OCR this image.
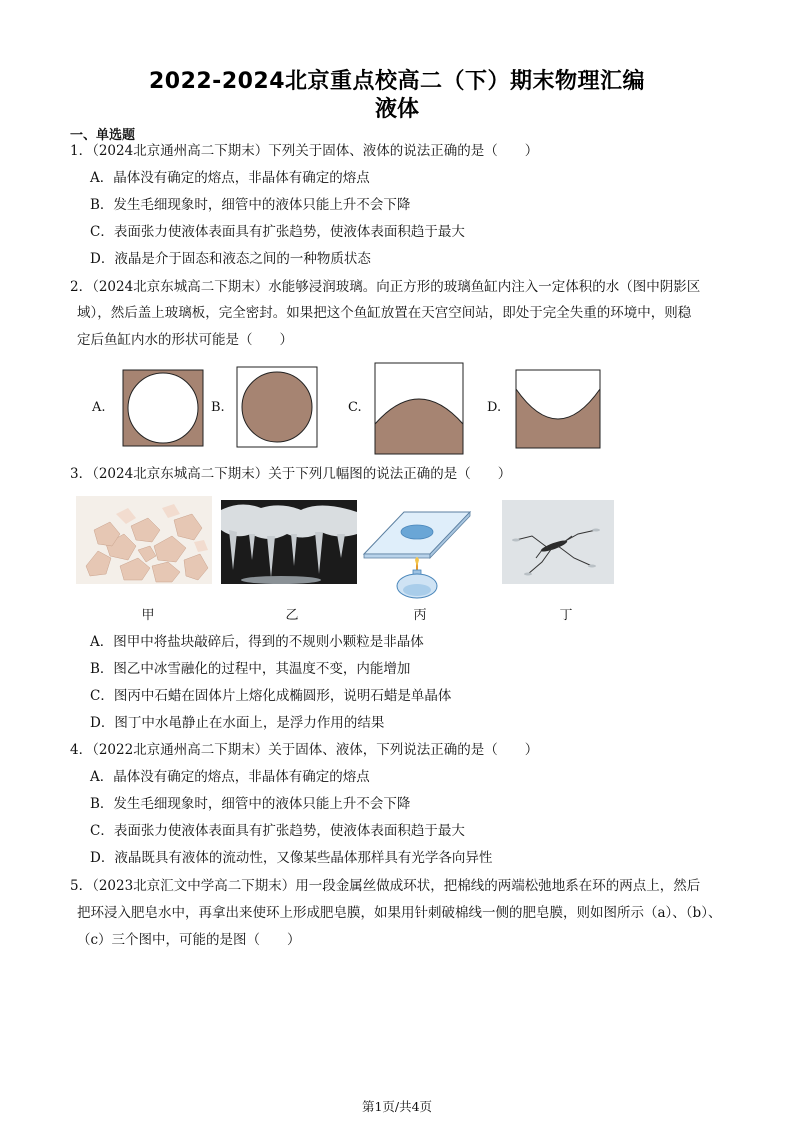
2022-2024北京重点校高二（下）期末物理汇编
液体
一、单选题
1．（2024北京通州高二下期末）下列关于固体、液体的说法正确的是（　　）
A．晶体没有确定的熔点，非晶体有确定的熔点
B．发生毛细现象时，细管中的液体只能上升不会下降
C．表面张力使液体表面具有扩张趋势，使液体表面积趋于最大
D．液晶是介于固态和液态之间的一种物质状态
2．（2024北京东城高二下期末）水能够浸润玻璃。向正方形的玻璃鱼缸内注入一定体积的水（图中阴影区
域），然后盖上玻璃板，完全密封。如果把这个鱼缸放置在天宫空间站，即处于完全失重的环境中，则稳
定后鱼缸内水的形状可能是（　　）
A.	B.	C.	D.
3．（2024北京东城高二下期末）关于下列几幅图的说法正确的是（　　）
甲	乙	丙	丁
A．图甲中将盐块敲碎后，得到的不规则小颗粒是非晶体
B．图乙中冰雪融化的过程中，其温度不变，内能增加
C．图丙中石蜡在固体片上熔化成椭圆形，说明石蜡是单晶体
D．图丁中水黾静止在水面上，是浮力作用的结果
4．（2022北京通州高二下期末）关于固体、液体，下列说法正确的是（　　）
A．晶体没有确定的熔点，非晶体有确定的熔点
B．发生毛细现象时，细管中的液体只能上升不会下降
C．表面张力使液体表面具有扩张趋势，使液体表面积趋于最大
D．液晶既具有液体的流动性，又像某些晶体那样具有光学各向异性
5．（2023北京汇文中学高二下期末）用一段金属丝做成环状，把棉线的两端松弛地系在环的两点上，然后
把环浸入肥皂水中，再拿出来使环上形成肥皂膜，如果用针刺破棉线一侧的肥皂膜，则如图所示（a）、（b）、
（c）三个图中，可能的是图（　　）
第1页/共4页
